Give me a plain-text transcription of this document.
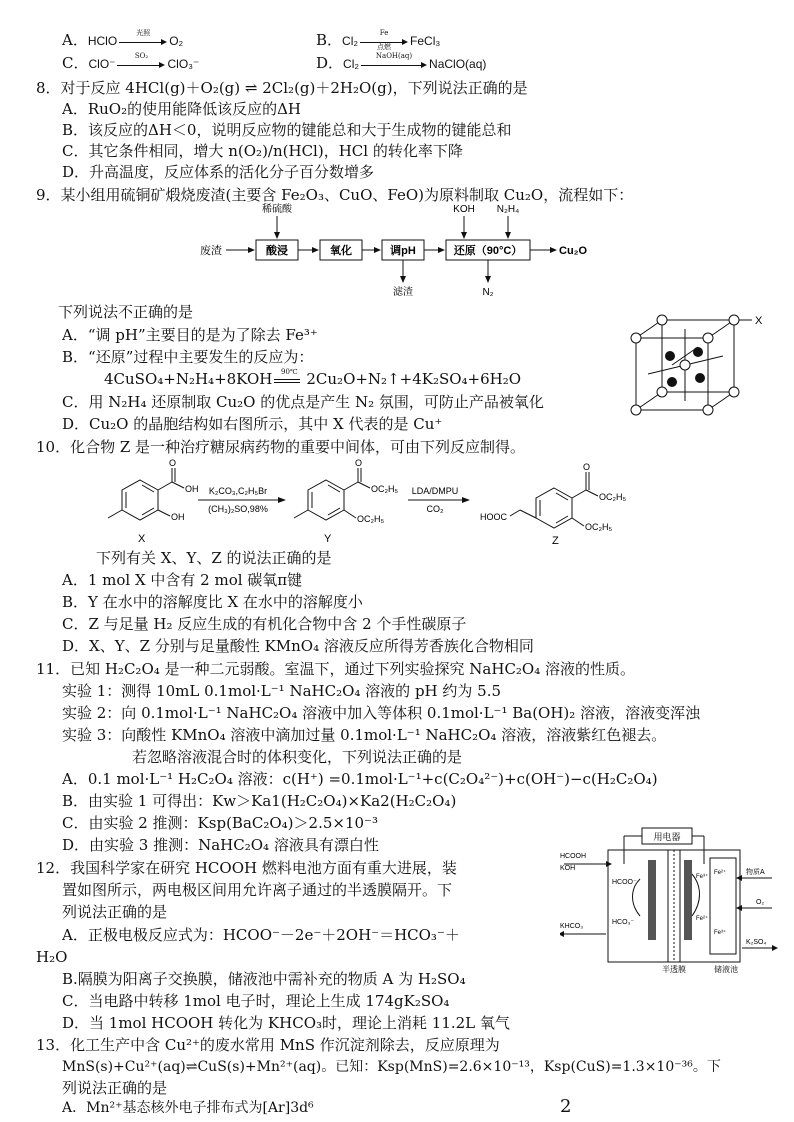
A．HClO
光照
O₂	B．Cl₂
Fe
点燃	FeCl₃
C．ClO⁻
SO₂
ClO₃⁻	D．Cl₂
NaOH(aq)
NaClO(aq)
8．对于反应 4HCl(g)＋O₂(g) ⇌ 2Cl₂(g)＋2H₂O(g)，下列说法正确的是
A．RuO₂的使用能降低该反应的ΔH
B．该反应的ΔH＜0，说明反应物的键能总和大于生成物的键能总和
C．其它条件相同，增大 n(O₂)/n(HCl)，HCl 的转化率下降
D．升高温度，反应体系的活化分子百分数增多
9．某小组用硫铜矿煅烧废渣(主要含 Fe₂O₃、CuO、FeO)为原料制取 Cu₂O，流程如下：
废渣	酸浸
稀硫酸
氧化	调pH
滤渣
还原（90°C）
KOH N₂H₄
N₂
Cu₂O
下列说法不正确的是
A．“调 pH”主要目的是为了除去 Fe³⁺
B．“还原”过程中主要发生的反应为：
4CuSO₄+N₂H₄+8KOH	90℃ 2Cu₂O+N₂↑+4K₂SO₄+6H₂O
C．用 N₂H₄ 还原制取 Cu₂O 的优点是产生 N₂ 氛围，可防止产品被氧化
D．Cu₂O 的晶胞结构如右图所示，其中 X 代表的是 Cu⁺
X
10．化合物 Z 是一种治疗糖尿病药物的重要中间体，可由下列反应制得。
O
OH
OH
X
K₂CO₃,C₂H₅Br
(CH₃)₂SO,98%
O
OC₂H₅
OC₂H₅
Y
LDA/DMPU
CO₂
HOOC
O
OC₂H₅
OC₂H₅
Z
下列有关 X、Y、Z 的说法正确的是
A．1 mol X 中含有 2 mol 碳氧π键
B．Y 在水中的溶解度比 X 在水中的溶解度小
C．Z 与足量 H₂ 反应生成的有机化合物中含 2 个手性碳原子
D．X、Y、Z 分别与足量酸性 KMnO₄ 溶液反应所得芳香族化合物相同
11．已知 H₂C₂O₄ 是一种二元弱酸。室温下，通过下列实验探究 NaHC₂O₄ 溶液的性质。
实验 1：测得 10mL 0.1mol·L⁻¹ NaHC₂O₄ 溶液的 pH 约为 5.5
实验 2：向 0.1mol·L⁻¹ NaHC₂O₄ 溶液中加入等体积 0.1mol·L⁻¹ Ba(OH)₂ 溶液，溶液变浑浊
实验 3：向酸性 KMnO₄ 溶液中滴加过量 0.1mol·L⁻¹ NaHC₂O₄ 溶液，溶液紫红色褪去。
若忽略溶液混合时的体积变化，下列说法正确的是
A．0.1 mol·L⁻¹ H₂C₂O₄ 溶液：c(H⁺) =0.1mol·L⁻¹+c(C₂O₄²⁻)+c(OH⁻)−c(H₂C₂O₄)
B．由实验 1 可得出：Kw＞Ka1(H₂C₂O₄)×Ka2(H₂C₂O₄)
C．由实验 2 推测：Ksp(BaC₂O₄)＞2.5×10⁻³
D．由实验 3 推测：NaHC₂O₄ 溶液具有漂白性
12．我国科学家在研究 HCOOH 燃料电池方面有重大进展，装
置如图所示，两电极区间用允许离子通过的半透膜隔开。下
列说法正确的是
A．正极电极反应式为：HCOO⁻－2e⁻＋2OH⁻＝HCO₃⁻＋
H₂O
B.隔膜为阳离子交换膜，储液池中需补充的物质 A 为 H₂SO₄
C．当电路中转移 1mol 电子时，理论上生成 174gK₂SO₄
D．当 1mol HCOOH 转化为 KHCO₃时，理论上消耗 11.2L 氧气
用电器
HCOOH
KOH
KHCO₃
HCOO⁻
HCO₃⁻
Fe³⁺
Fe²⁺
Fe²⁺
Fe³⁺
物质A
O₂
K₂SO₄
半透膜	储液池
13．化工生产中含 Cu²⁺的废水常用 MnS 作沉淀剂除去，反应原理为
MnS(s)+Cu²⁺(aq)⇌CuS(s)+Mn²⁺(aq)。已知：Ksp(MnS)=2.6×10⁻¹³，Ksp(CuS)=1.3×10⁻³⁶。下
列说法正确的是
2
A．Mn²⁺基态核外电子排布式为[Ar]3d⁶
